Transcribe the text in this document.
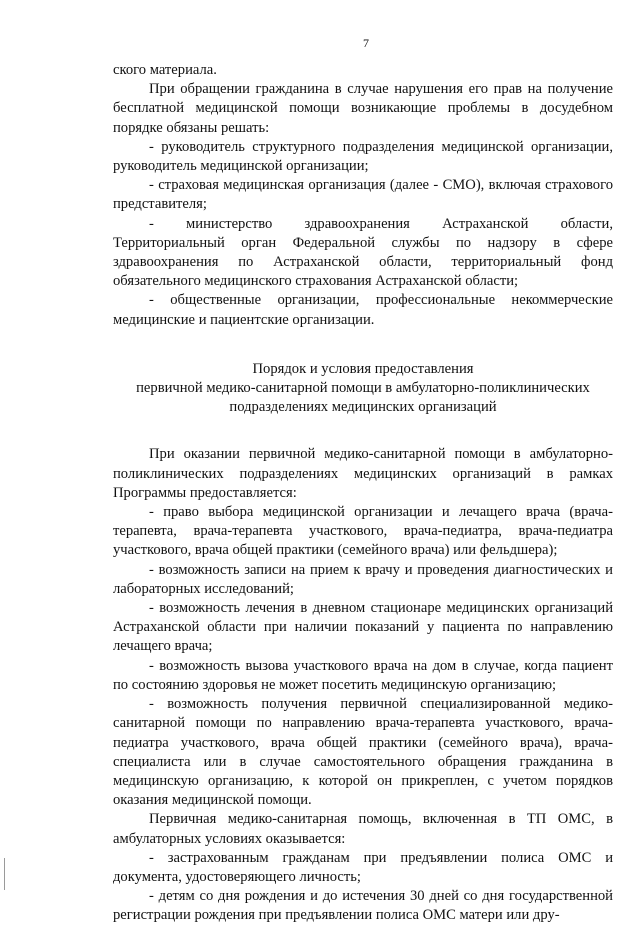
7

ского материала.

При обращении гражданина в случае нарушения его прав на получение бесплатной медицинской помощи возникающие проблемы в досудебном порядке обязаны решать:

- руководитель структурного подразделения медицинской организации, руководитель медицинской организации;

- страховая медицинская организация (далее - СМО), включая страхового представителя;

- министерство здравоохранения Астраханской области, Территориальный орган Федеральной службы по надзору в сфере здравоохранения по Астраханской области, территориальный фонд обязательного медицинского страхования Астраханской области;

- общественные организации, профессиональные некоммерческие медицинские и пациентские организации.

Порядок и условия предоставления
первичной медико-санитарной помощи в амбулаторно-поликлинических
подразделениях медицинских организаций

При оказании первичной медико-санитарной помощи в амбулаторно-поликлинических подразделениях медицинских организаций в рамках Программы предоставляется:

- право выбора медицинской организации и лечащего врача (врача-терапевта, врача-терапевта участкового, врача-педиатра, врача-педиатра участкового, врача общей практики (семейного врача) или фельдшера);

- возможность записи на прием к врачу и проведения диагностических и лабораторных исследований;

- возможность лечения в дневном стационаре медицинских организаций Астраханской области при наличии показаний у пациента по направлению лечащего врача;

- возможность вызова участкового врача на дом в случае, когда пациент по состоянию здоровья не может посетить медицинскую организацию;

- возможность получения первичной специализированной медико-санитарной помощи по направлению врача-терапевта участкового, врача-педиатра участкового, врача общей практики (семейного врача), врача-специалиста или в случае самостоятельного обращения гражданина в медицинскую организацию, к которой он прикреплен, с учетом порядков оказания медицинской помощи.

Первичная медико-санитарная помощь, включенная в ТП ОМС, в амбулаторных условиях оказывается:

- застрахованным гражданам при предъявлении полиса ОМС и документа, удостоверяющего личность;

- детям со дня рождения и до истечения 30 дней со дня государственной регистрации рождения при предъявлении полиса ОМС матери или дру-
